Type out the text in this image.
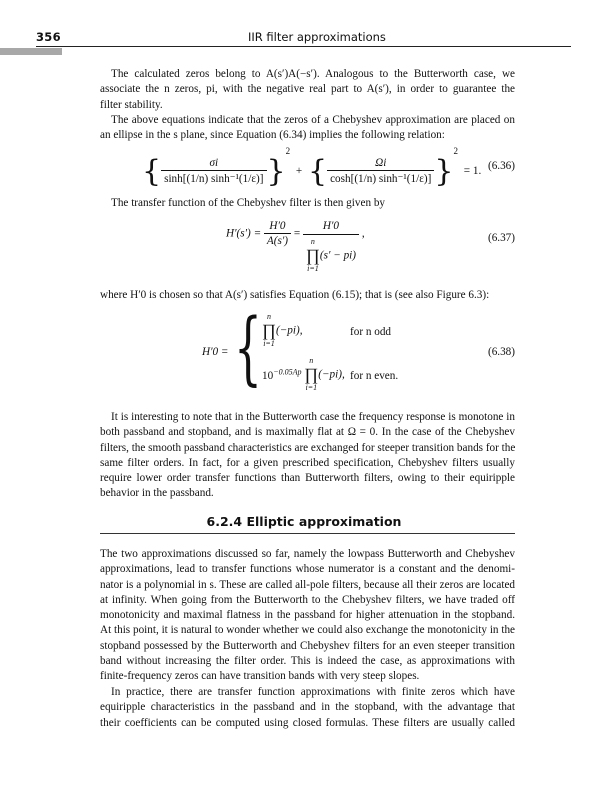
356	IIR filter approximations

The calculated zeros belong to A(s′)A(−s′). Analogous to the Butterworth case, we
associate the n zeros, pi, with the negative real part to A(s′), in order to guarantee the
filter stability.

The above equations indicate that the zeros of a Chebyshev approximation are placed on
an ellipse in the s plane, since Equation (6.34) implies the following relation:

{ $\frac{\sigma i}{\text{sinh[(1/n) sinh⁻¹(1/ε)]}} \}^2$ + { $\frac{\Omega i}{\text{cosh[(1/n) sinh⁻¹(1/ε)]}} \}^2 = 1$. (6.36)

The transfer function of the Chebyshev filter is then given by

$H'(s') = \frac{H'0}{A(s')} = H'0$
n
∏
i=1
(s′ − pi) ,	(6.37)

where H′0 is chosen so that A(s′) satisfies Equation (6.15); that is (see also Figure 6.3):

H′0 = { n
∏
i=1
(−pi),	for n odd
$10^{-0.05Ap}$
n
∏
i=1
(−pi), for n even.
(6.38)
It is interesting to note that in the Butterworth case the frequency response is monotone in
both passband and stopband, and is maximally flat at Ω = 0. In the case of the Chebyshev
filters, the smooth passband characteristics are exchanged for steeper transition bands for the
same filter orders. In fact, for a given prescribed specification, Chebyshev filters usually
require lower order transfer functions than Butterworth filters, owing to their equiripple
behavior in the passband.
6.2.4 Elliptic approximation
The two approximations discussed so far, namely the lowpass Butterworth and Chebyshev
approximations, lead to transfer functions whose numerator is a constant and the denomi-
nator is a polynomial in s. These are called all-pole filters, because all their zeros are located
at infinity. When going from the Butterworth to the Chebyshev filters, we have traded off
monotonicity and maximal flatness in the passband for higher attenuation in the stopband.
At this point, it is natural to wonder whether we could also exchange the monotonicity in the
stopband possessed by the Butterworth and Chebyshev filters for an even steeper transition
band without increasing the filter order. This is indeed the case, as approximations with
finite-frequency zeros can have transition bands with very steep slopes.
In practice, there are transfer function approximations with finite zeros which have
equiripple characteristics in the passband and in the stopband, with the advantage that
their coefficients can be computed using closed formulas. These filters are usually called
